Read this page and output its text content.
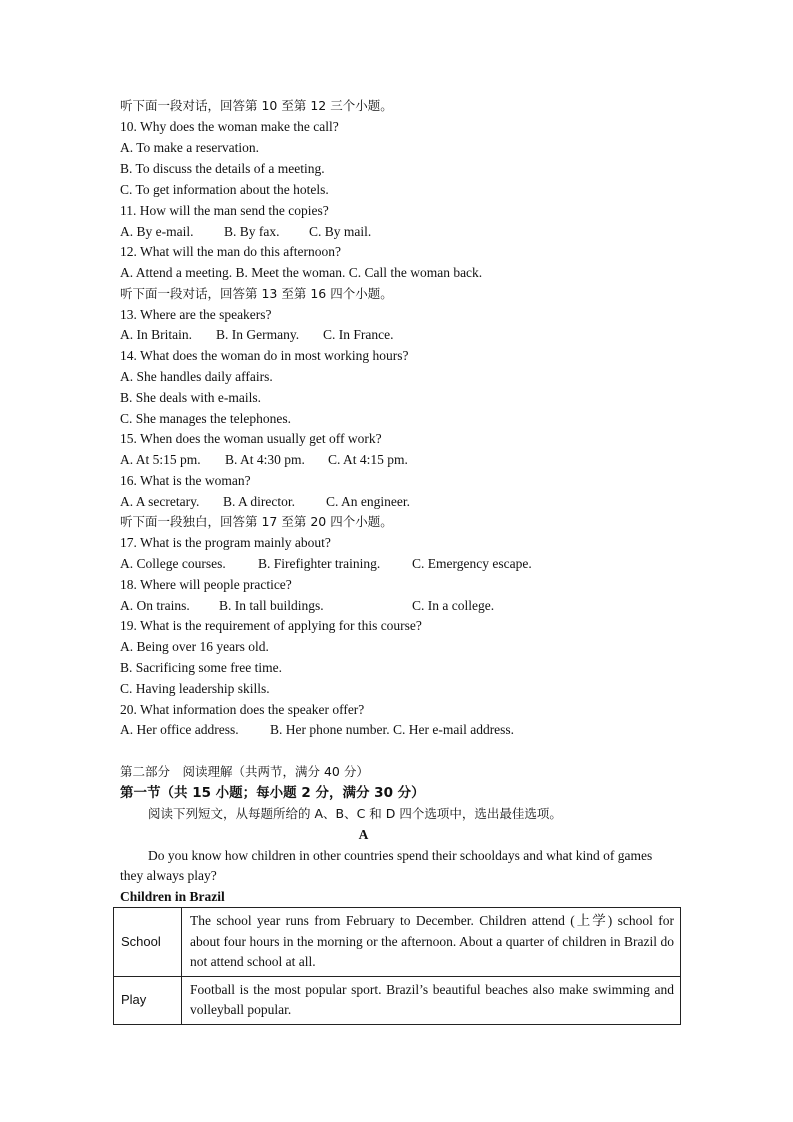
听下面一段对话，回答第 10 至第 12 三个小题。
10. Why does the woman make the call?
A. To make a reservation.
B. To discuss the details of a meeting.
C. To get information about the hotels.
11. How will the man send the copies?
A. By e-mail. B. By fax. C. By mail.
12. What will the man do this afternoon?
A. Attend a meeting. B. Meet the woman. C. Call the woman back.
听下面一段对话，回答第 13 至第 16 四个小题。
13. Where are the speakers?
A. In Britain. B. In Germany. C. In France.
14. What does the woman do in most working hours?
A. She handles daily affairs.
B. She deals with e-mails.
C. She manages the telephones.
15. When does the woman usually get off work?
A. At 5:15 pm. B. At 4:30 pm. C. At 4:15 pm.
16. What is the woman?
A. A secretary. B. A director. C. An engineer.
听下面一段独白，回答第 17 至第 20 四个小题。
17. What is the program mainly about?
A. College courses. B. Firefighter training. C. Emergency escape.
18. Where will people practice?
A. On trains. B. In tall buildings.	C. In a college.
19. What is the requirement of applying for this course?
A. Being over 16 years old.
B. Sacrificing some free time.
C. Having leadership skills.
20. What information does the speaker offer?
A. Her office address. B. Her phone number. C. Her e-mail address.
第二部分　阅读理解（共两节，满分 40 分）
第一节（共 15 小题；每小题 2 分，满分 30 分）
阅读下列短文，从每题所给的 A、B、C 和 D 四个选项中，选出最佳选项。
A
Do you know how children in other countries spend their schooldays and what kind of games
they always play?
Children in Brazil
School	The school year runs from February to December. Children attend (上学) school for about four hours in the morning or the afternoon. About a quarter of children in Brazil do not attend school at all.
Play	Football is the most popular sport. Brazil’s beautiful beaches also make swimming and volleyball popular.
